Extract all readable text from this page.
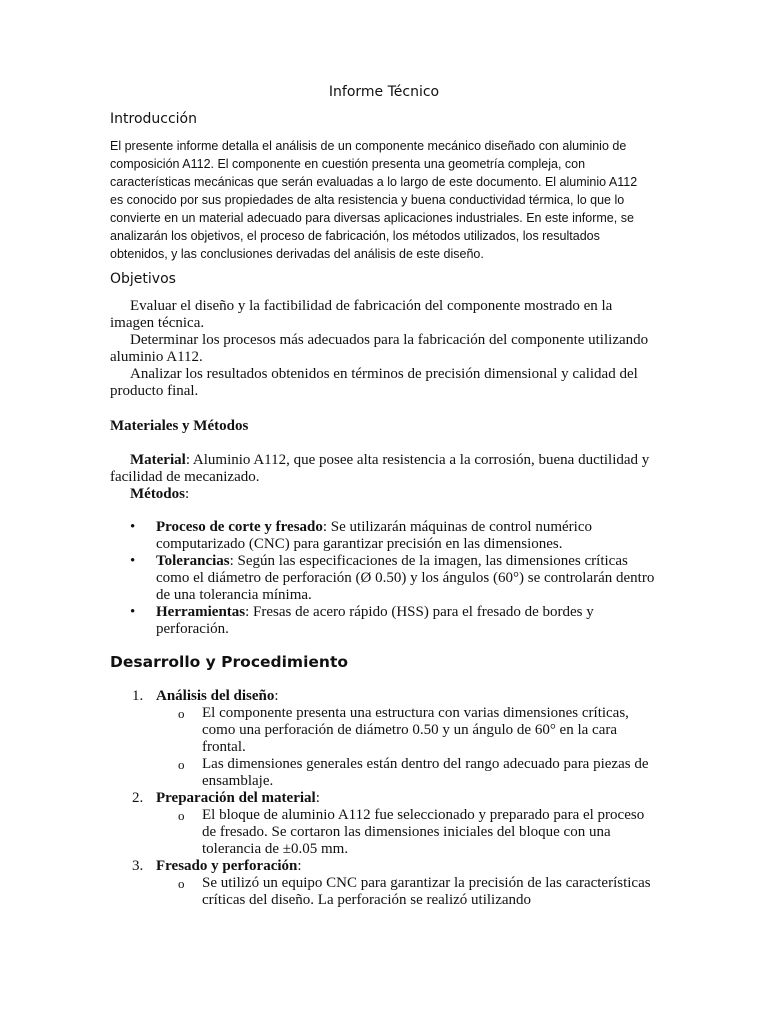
Informe Técnico
Introducción

El presente informe detalla el análisis de un componente mecánico diseñado con aluminio de composición A112. El componente en cuestión presenta una geometría compleja, con características mecánicas que serán evaluadas a lo largo de este documento. El aluminio A112 es conocido por sus propiedades de alta resistencia y buena conductividad térmica, lo que lo convierte en un material adecuado para diversas aplicaciones industriales. En este informe, se analizarán los objetivos, el proceso de fabricación, los métodos utilizados, los resultados obtenidos, y las conclusiones derivadas del análisis de este diseño.

Objetivos

Evaluar el diseño y la factibilidad de fabricación del componente mostrado en la imagen técnica.

Determinar los procesos más adecuados para la fabricación del componente utilizando aluminio A112.

Analizar los resultados obtenidos en términos de precisión dimensional y calidad del producto final.

Materiales y Métodos

Material: Aluminio A112, que posee alta resistencia a la corrosión, buena ductilidad y facilidad de mecanizado.

Métodos:

• Proceso de corte y fresado: Se utilizarán máquinas de control numérico computarizado (CNC) para garantizar precisión en las dimensiones.
• Tolerancias: Según las especificaciones de la imagen, las dimensiones críticas como el diámetro de perforación (Ø 0.50) y los ángulos (60°) se controlarán dentro de una tolerancia mínima.
• Herramientas: Fresas de acero rápido (HSS) para el fresado de bordes y perforación.
Desarrollo y Procedimiento
1. Análisis del diseño:
o El componente presenta una estructura con varias dimensiones críticas, como una perforación de diámetro 0.50 y un ángulo de 60° en la cara frontal.
o Las dimensiones generales están dentro del rango adecuado para piezas de ensamblaje.
2. Preparación del material:
o El bloque de aluminio A112 fue seleccionado y preparado para el proceso de fresado. Se cortaron las dimensiones iniciales del bloque con una tolerancia de ±0.05 mm.
3. Fresado y perforación:
o Se utilizó un equipo CNC para garantizar la precisión de las características críticas del diseño. La perforación se realizó utilizando
